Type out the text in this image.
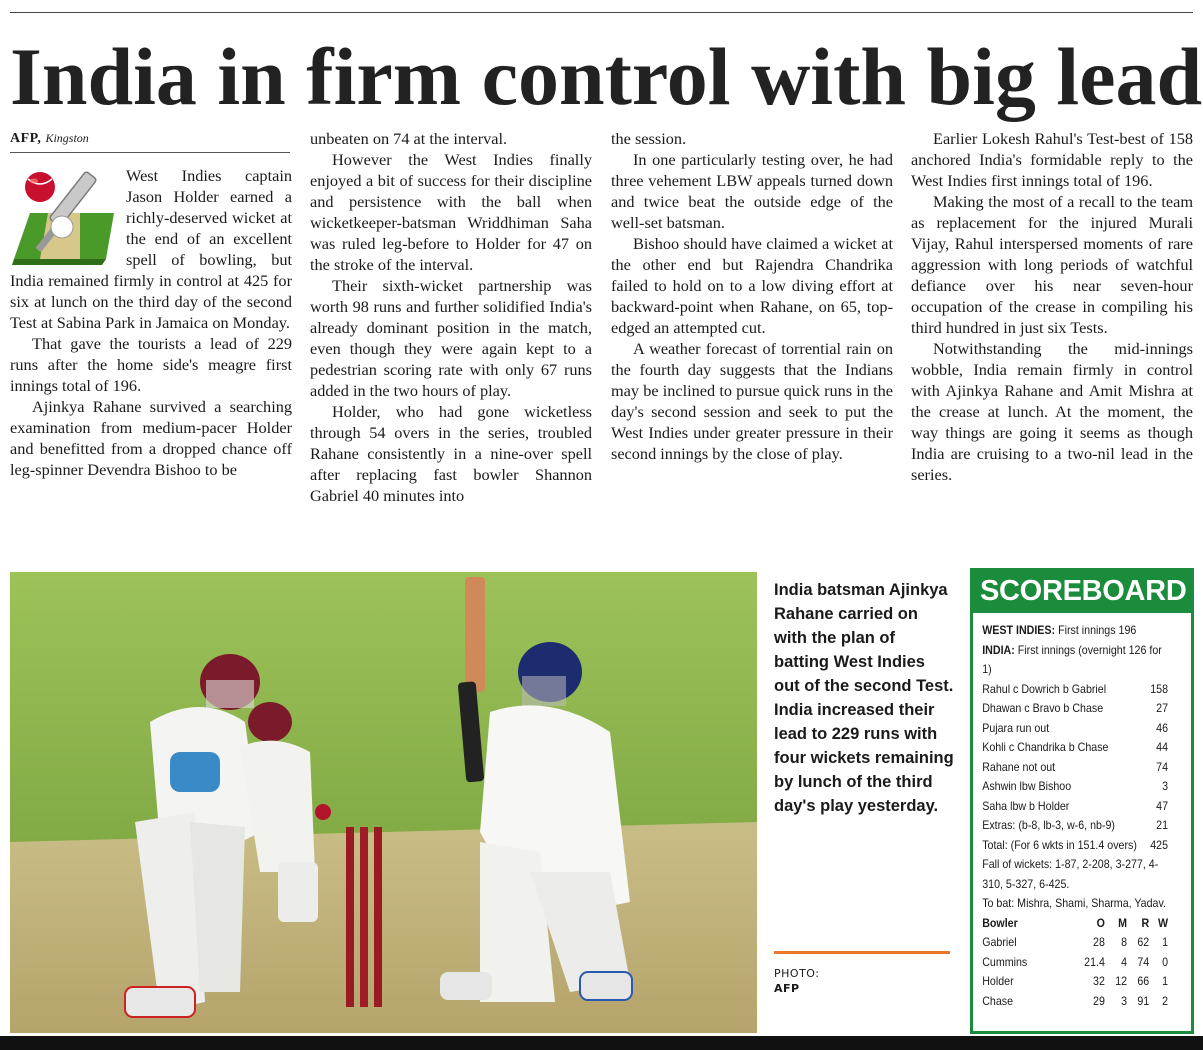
India in firm control with big lead
AFP, Kingston

West Indies captain Jason Holder earned a richly-deserved wicket at the end of an excellent spell of bowling, but India remained firmly in control at 425 for six at lunch on the third day of the second Test at Sabina Park in Jamaica on Monday.

That gave the tourists a lead of 229 runs after the home side's meagre first innings total of 196.

Ajinkya Rahane survived a searching examination from medium-pacer Holder and benefitted from a dropped chance off leg-spinner Devendra Bishoo to be

unbeaten on 74 at the interval.

However the West Indies finally enjoyed a bit of success for their discipline and persistence with the ball when wicketkeeper-batsman Wriddhiman Saha was ruled leg-before to Holder for 47 on the stroke of the interval.

Their sixth-wicket partnership was worth 98 runs and further solidified India's already dominant position in the match, even though they were again kept to a pedestrian scoring rate with only 67 runs added in the two hours of play.

Holder, who had gone wicketless through 54 overs in the series, troubled Rahane consistently in a nine-over spell after replacing fast bowler Shannon Gabriel 40 minutes into

the session.

In one particularly testing over, he had three vehement LBW appeals turned down and twice beat the outside edge of the well-set batsman.

Bishoo should have claimed a wicket at the other end but Rajendra Chandrika failed to hold on to a low diving effort at backward-point when Rahane, on 65, top-edged an attempted cut.

A weather forecast of torrential rain on the fourth day suggests that the Indians may be inclined to pursue quick runs in the day's second session and seek to put the West Indies under greater pressure in their second innings by the close of play.

Earlier Lokesh Rahul's Test-best of 158 anchored India's formidable reply to the West Indies first innings total of 196.

Making the most of a recall to the team as replacement for the injured Murali Vijay, Rahul interspersed moments of rare aggression with long periods of watchful defiance over his near seven-hour occupation of the crease in compiling his third hundred in just six Tests.

Notwithstanding the mid-innings wobble, India remain firmly in control with Ajinkya Rahane and Amit Mishra at the crease at lunch. At the moment, the way things are going it seems as though India are cruising to a two-nil lead in the series.

India batsman Ajinkya Rahane carried on with the plan of batting West Indies out of the second Test. India increased their lead to 229 runs with four wickets remaining by lunch of the third day's play yesterday.
PHOTO:
AFP
SCOREBOARD
WEST INDIES: First innings 196
INDIA: First innings (overnight 126 for 1)
Rahul c Dowrich b Gabriel	158
Dhawan c Bravo b Chase	27
Pujara run out	46
Kohli c Chandrika b Chase	44
Rahane not out	74
Ashwin lbw Bishoo	3
Saha lbw b Holder	47
Extras: (b-8, lb-3, w-6, nb-9)	21
Total: (For 6 wkts in 151.4 overs) 425
Fall of wickets: 1-87, 2-208, 3-277, 4-310, 5-327, 6-425.
To bat: Mishra, Shami, Sharma, Yadav.
Bowler	O	M	R	W
Gabriel	28	8	62	1
Cummins	21.4	4	74	0
Holder	32	12	66	1
Chase	29	3	91	2
